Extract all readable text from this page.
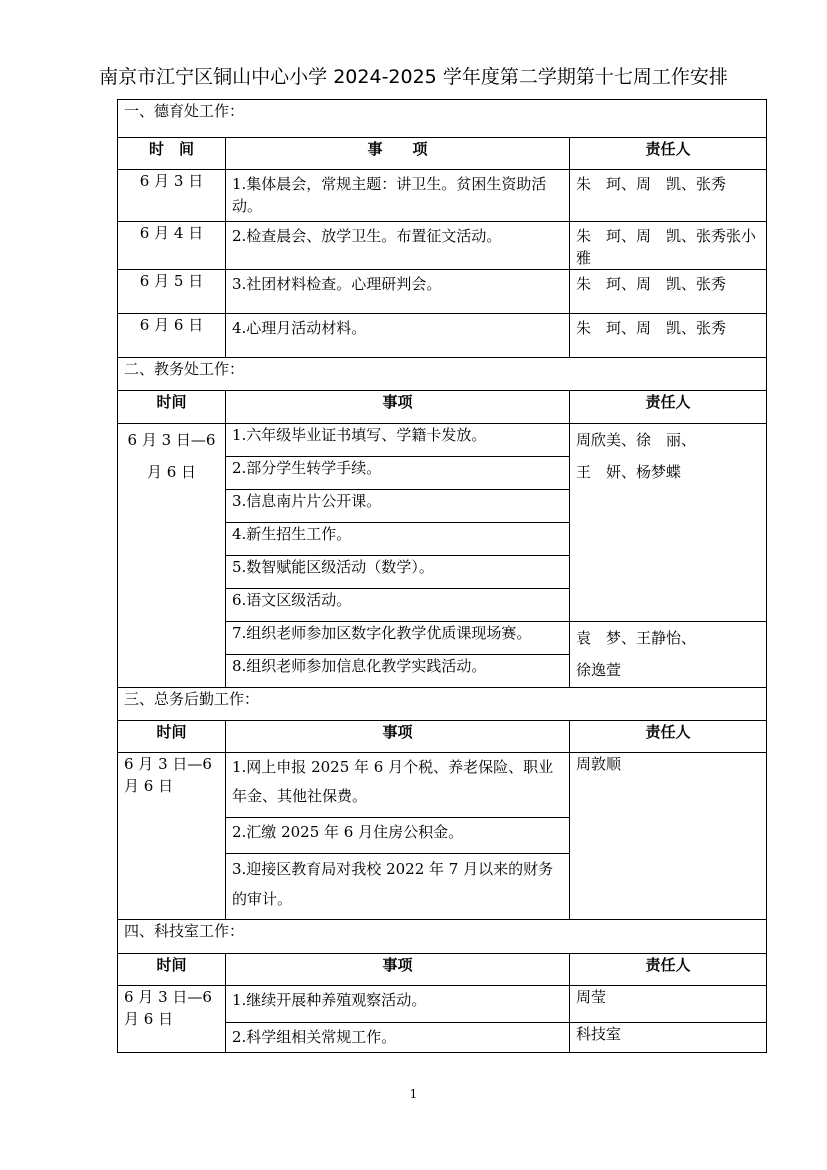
南京市江宁区铜山中心小学 2024-2025 学年度第二学期第十七周工作安排
一、德育处工作：		
时　间	事　　项	责任人
6 月 3 日	1.集体晨会，常规主题：讲卫生。贫困生资助活动。	朱　珂、周　凯、张秀

6 月 4 日	2.检查晨会、放学卫生。布置征文活动。	朱　珂、周　凯、张秀张小雅

6 月 5 日	3.社团材料检查。心理研判会。	朱　珂、周　凯、张秀

6 月 6 日	4.心理月活动材料。	朱　珂、周　凯、张秀

二、教务处工作：		
时间	事项	责任人

6 月 3 日—6 月 6 日	1.六年级毕业证书填写、学籍卡发放。	周欣美、徐　丽、
王　妍、杨梦蝶

	2.部分学生转学手续。	
	3.信息南片片公开课。	
	4.新生招生工作。	
	5.数智赋能区级活动（数学）。	
	6.语文区级活动。	
	7.组织老师参加区数字化教学优质课现场赛。	袁　梦、王静怡、
徐逸萱

	8.组织老师参加信息化教学实践活动。	
三、总务后勤工作：		
时间	事项	责任人
6 月 3 日—6 月 6 日	1.网上申报 2025 年 6 月个税、养老保险、职业年金、其他社保费。	周敦顺

	2.汇缴 2025 年 6 月住房公积金。	

	3.迎接区教育局对我校 2022 年 7 月以来的财务的审计。	

四、科技室工作：		
时间	事项	责任人
6 月 3 日—6 月 6 日	1.继续开展种养殖观察活动。	周莹

	2.科学组相关常规工作。	科技室
1
